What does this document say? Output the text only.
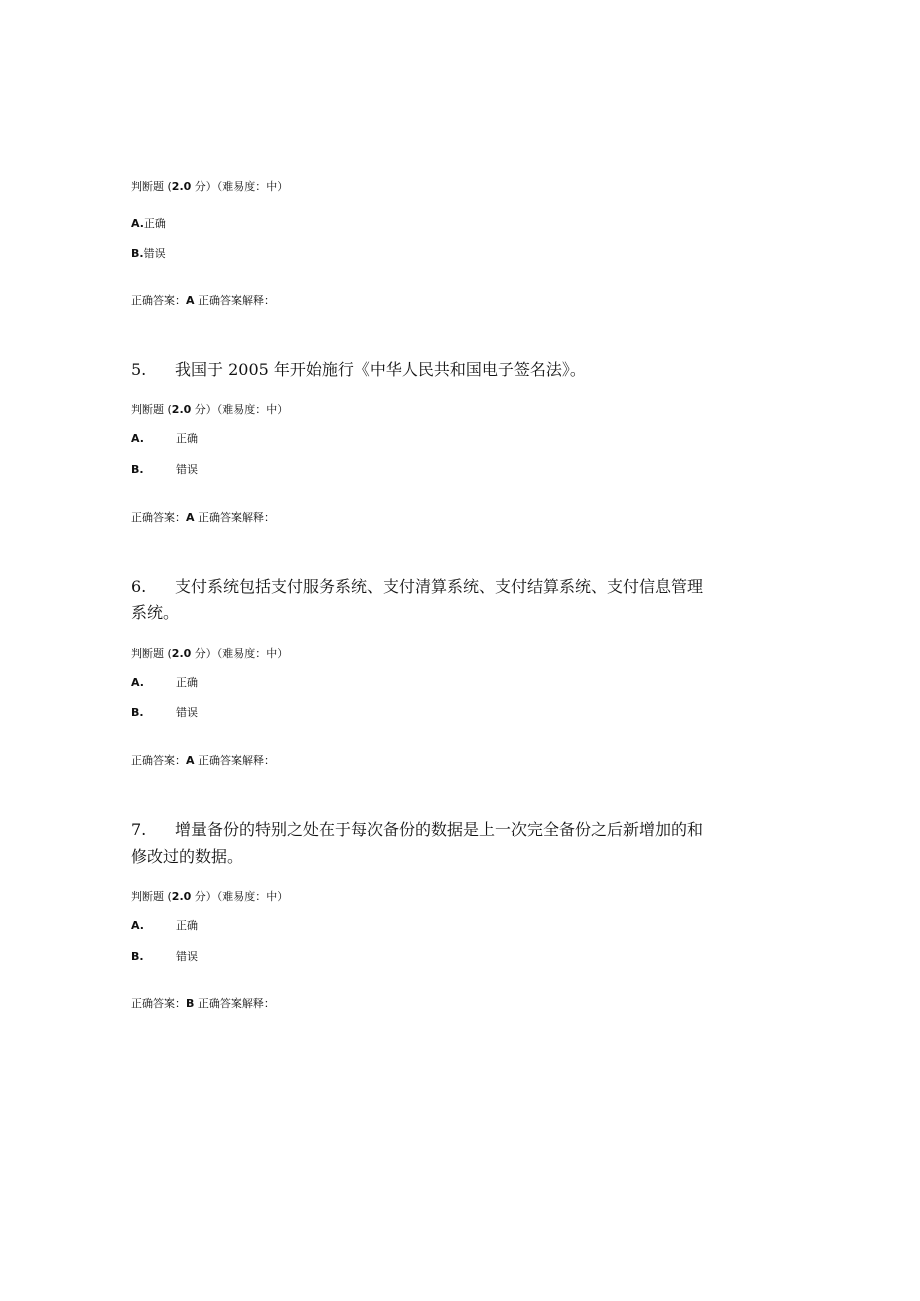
判断题 (2.0 分）（难易度：中）
A.正确
B.错误
正确答案：A 正确答案解释：
5. 我国于 2005 年开始施行《中华人民共和国电子签名法》。
判断题 (2.0 分）（难易度：中）
A.	正确
B.	错误
正确答案：A 正确答案解释：
6. 支付系统包括支付服务系统、支付清算系统、支付结算系统、支付信息管理
系统。
判断题 (2.0 分）（难易度：中）
A.	正确
B.	错误
正确答案：A 正确答案解释：
7. 增量备份的特别之处在于每次备份的数据是上一次完全备份之后新增加的和
修改过的数据。
判断题 (2.0 分）（难易度：中）
A.	正确
B.	错误
正确答案：B 正确答案解释：
